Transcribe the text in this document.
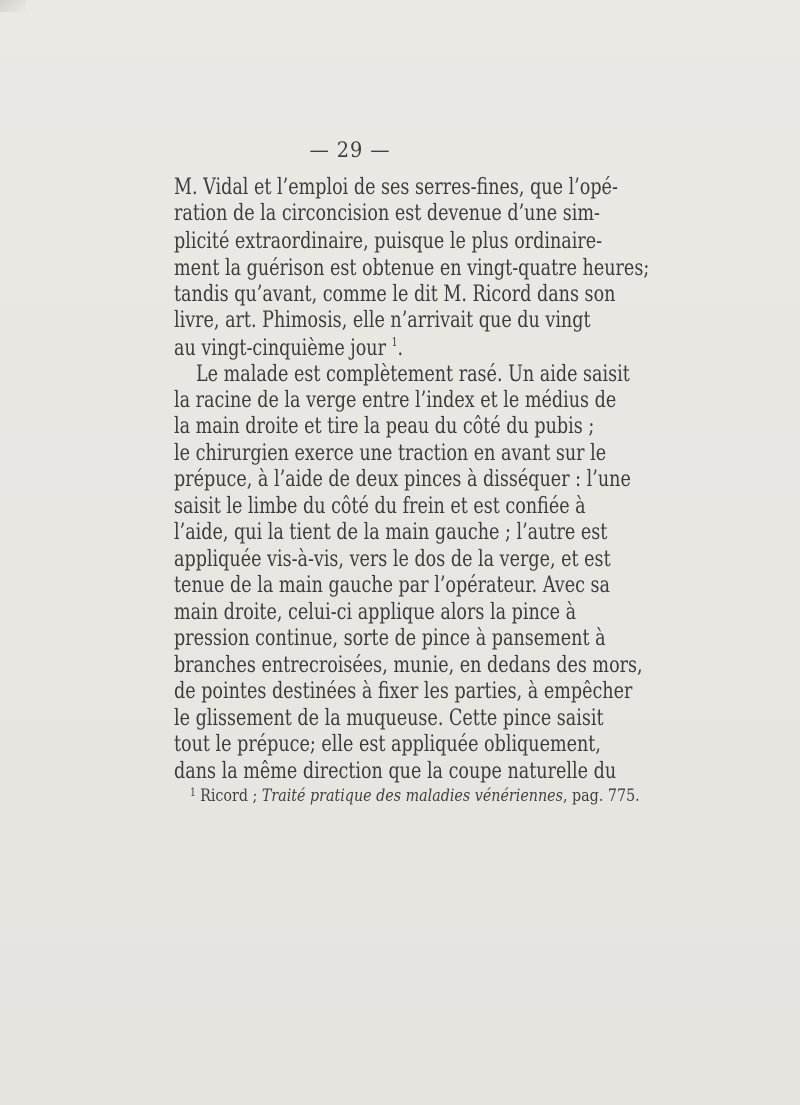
— 29 —
M. Vidal et l’emploi de ses serres-fines, que l’opé-
ration de la circoncision est devenue d’une sim-
plicité extraordinaire, puisque le plus ordinaire-
ment la guérison est obtenue en vingt-quatre heures;
tandis qu’avant, comme le dit M. Ricord dans son
livre, art. Phimosis, elle n’arrivait que du vingt
au vingt-cinquième jour $^1$.
Le malade est complètement rasé. Un aide saisit
la racine de la verge entre l’index et le médius de
la main droite et tire la peau du côté du pubis ;
le chirurgien exerce une traction en avant sur le
prépuce, à l’aide de deux pinces à disséquer : l’une
saisit le limbe du côté du frein et est confiée à
l’aide, qui la tient de la main gauche ; l’autre est
appliquée vis-à-vis, vers le dos de la verge, et est
tenue de la main gauche par l’opérateur. Avec sa
main droite, celui-ci applique alors la pince à
pression continue, sorte de pince à pansement à
branches entrecroisées, munie, en dedans des mors,
de pointes destinées à fixer les parties, à empêcher
le glissement de la muqueuse. Cette pince saisit
tout le prépuce; elle est appliquée obliquement,
dans la même direction que la coupe naturelle du
$^1$ Ricord ; Traité pratique des maladies vénériennes, pag. 775.
